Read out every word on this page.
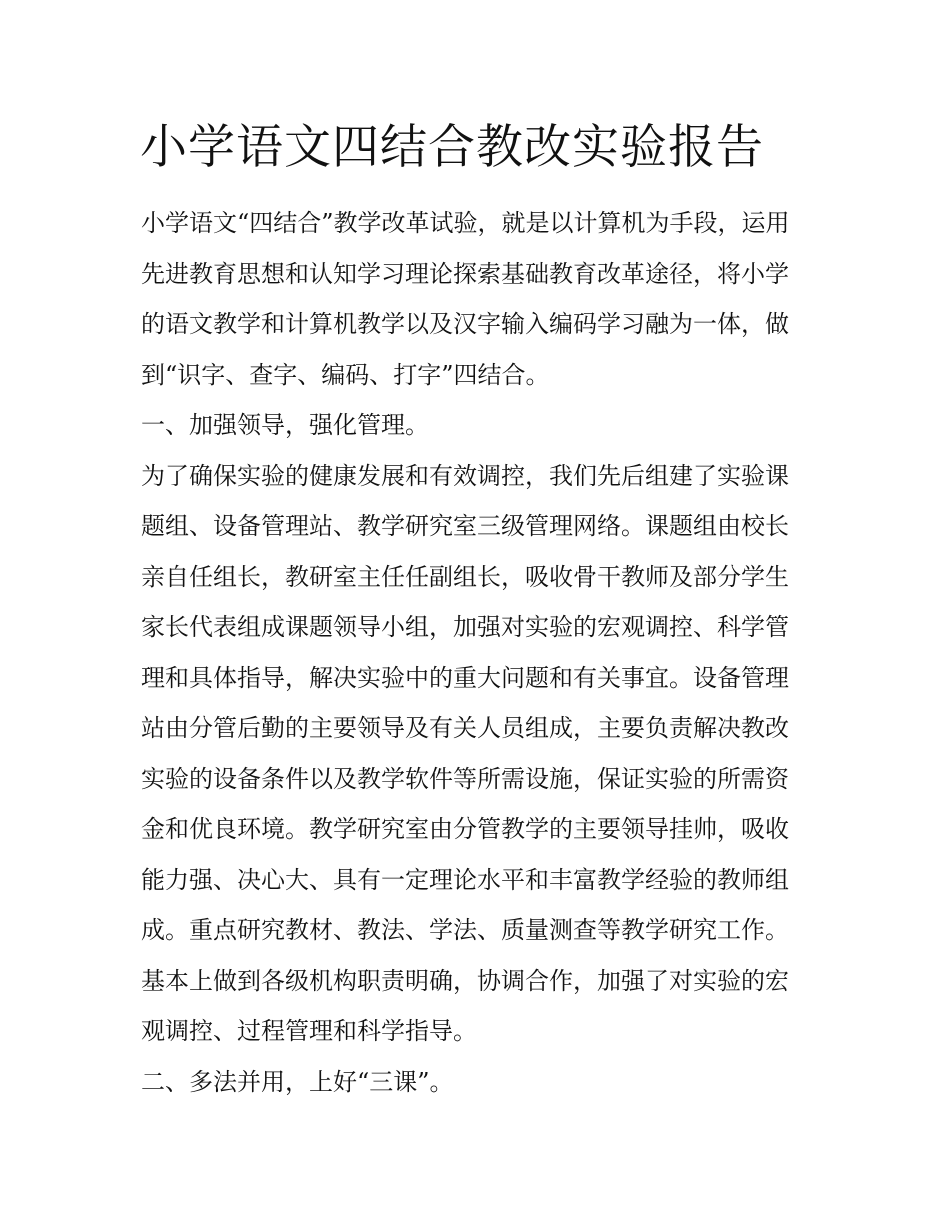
小学语文四结合教改实验报告
小学语文“四结合”教学改革试验，就是以计算机为手段，运用
先进教育思想和认知学习理论探索基础教育改革途径，将小学
的语文教学和计算机教学以及汉字输入编码学习融为一体，做
到“识字、查字、编码、打字”四结合。
一、加强领导，强化管理。
为了确保实验的健康发展和有效调控，我们先后组建了实验课
题组、设备管理站、教学研究室三级管理网络。课题组由校长
亲自任组长，教研室主任任副组长，吸收骨干教师及部分学生
家长代表组成课题领导小组，加强对实验的宏观调控、科学管
理和具体指导，解决实验中的重大问题和有关事宜。设备管理
站由分管后勤的主要领导及有关人员组成，主要负责解决教改
实验的设备条件以及教学软件等所需设施，保证实验的所需资
金和优良环境。教学研究室由分管教学的主要领导挂帅，吸收
能力强、决心大、具有一定理论水平和丰富教学经验的教师组
成。重点研究教材、教法、学法、质量测查等教学研究工作。
基本上做到各级机构职责明确，协调合作，加强了对实验的宏
观调控、过程管理和科学指导。
二、多法并用，上好“三课”。
